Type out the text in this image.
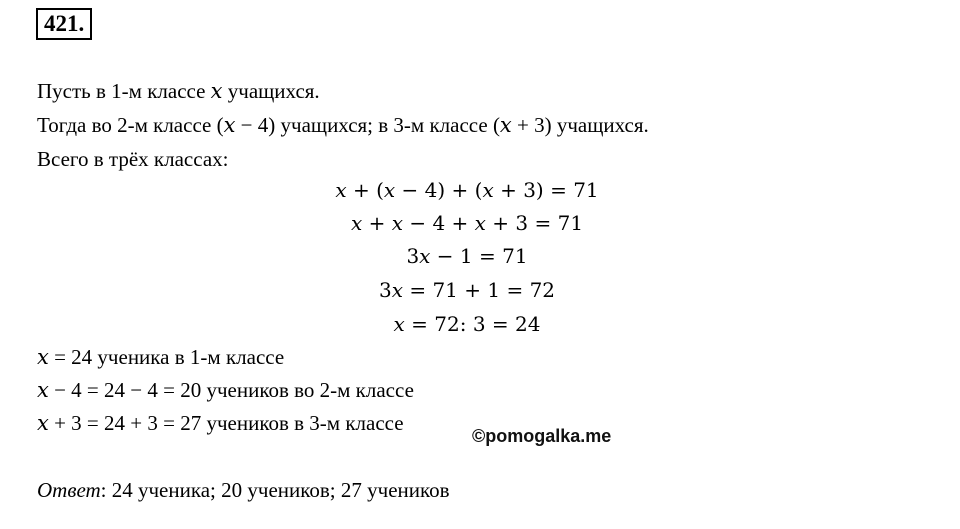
421.
Пусть в 1-м классе 𝑥 учащихся.
Тогда во 2-м классе (𝑥 − 4) учащихся; в 3-м классе (𝑥 + 3) учащихся.
Всего в трёх классах:
𝑥 + (𝑥 − 4) + (𝑥 + 3) = 71
𝑥 + 𝑥 − 4 + 𝑥 + 3 = 71
3𝑥 − 1 = 71
3𝑥 = 71 + 1 = 72
𝑥 = 72: 3 = 24
𝑥 = 24 ученика в 1-м классе
𝑥 − 4 = 24 − 4 = 20 учеников во 2-м классе
𝑥 + 3 = 24 + 3 = 27 учеников в 3-м классе
©pomogalka.me
Ответ: 24 ученика; 20 учеников; 27 учеников
